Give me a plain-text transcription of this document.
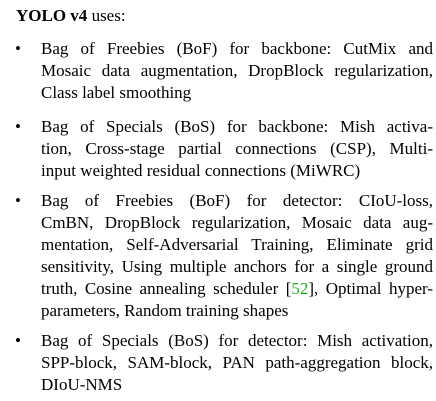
YOLO v4 uses:
• Bag of Freebies (BoF) for backbone: CutMix and
Mosaic data augmentation, DropBlock regularization,
Class label smoothing
• Bag of Specials (BoS) for backbone: Mish activa-
tion, Cross-stage partial connections (CSP), Multi-
input weighted residual connections (MiWRC)
• Bag of Freebies (BoF) for detector: CIoU-loss,
CmBN, DropBlock regularization, Mosaic data aug-
mentation, Self-Adversarial Training, Eliminate grid
sensitivity, Using multiple anchors for a single ground
truth, Cosine annealing scheduler [52], Optimal hyper-
parameters, Random training shapes
• Bag of Specials (BoS) for detector: Mish activation,
SPP-block, SAM-block, PAN path-aggregation block,
DIoU-NMS
